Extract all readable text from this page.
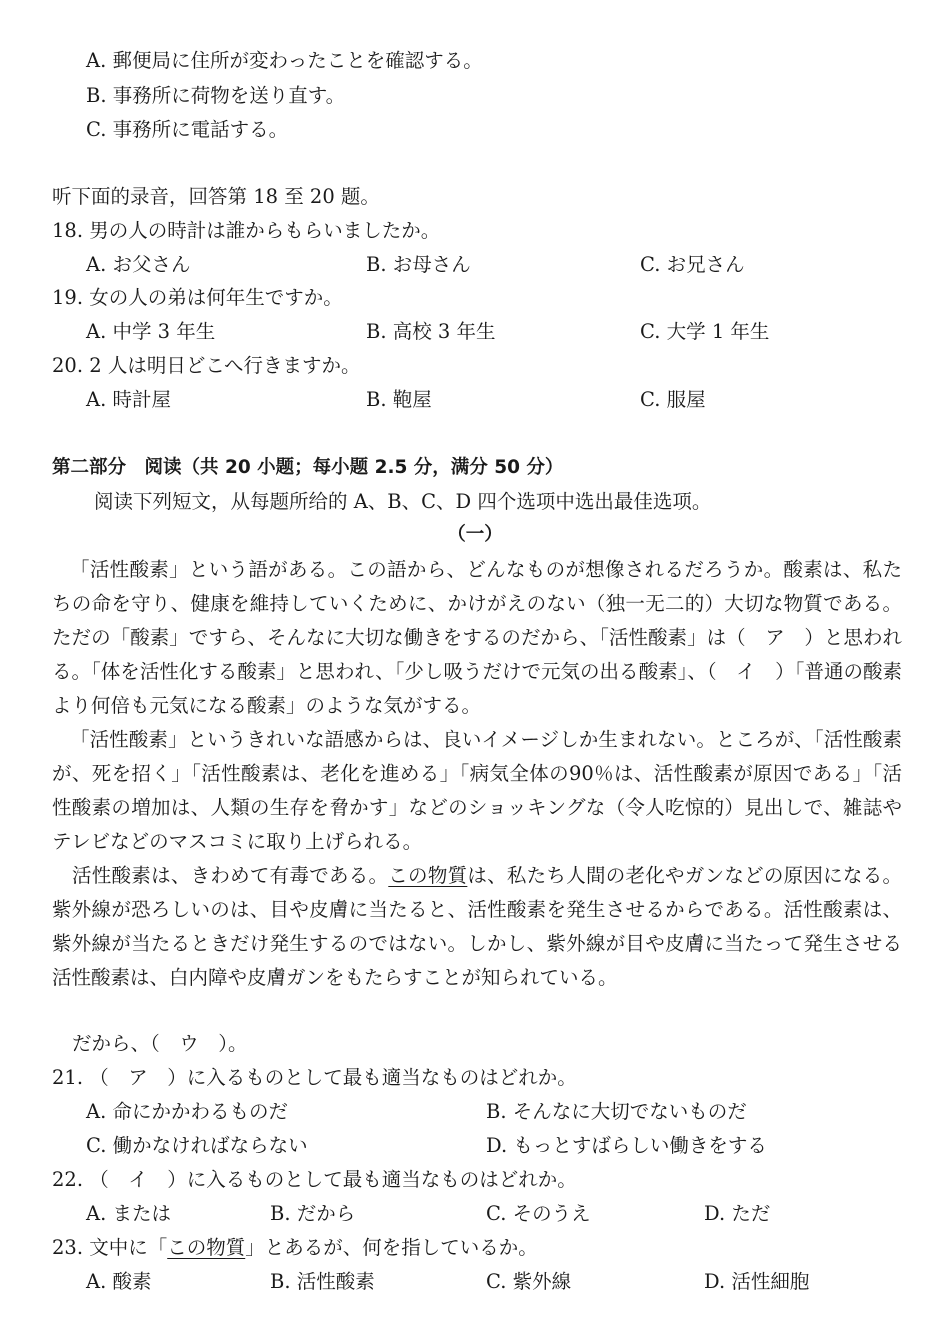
A. 郵便局に住所が変わったことを確認する。
B. 事務所に荷物を送り直す。
C. 事務所に電話する。
听下面的录音，回答第 18 至 20 题。
18. 男の人の時計は誰からもらいましたか。
A. お父さん	B. お母さん	C. お兄さん
19. 女の人の弟は何年生ですか。
A. 中学 3 年生	B. 高校 3 年生	C. 大学 1 年生
20. 2 人は明日どこへ行きますか。
A. 時計屋	B. 鞄屋	C. 服屋
第二部分　阅读（共 20 小题；每小题 2.5 分，满分 50 分）
阅读下列短文，从每题所给的 A、B、C、D 四个选项中选出最佳选项。
（一）
「活性酸素」という語がある。この語から、どんなものが想像されるだろうか。酸素は、私たちの命を守り、健康を維持していくために、かけがえのない（独一无二的）大切な物質である。ただの「酸素」ですら、そんなに大切な働きをするのだから、「活性酸素」は（　ア　）と思われる。「体を活性化する酸素」と思われ、「少し吸うだけで元気の出る酸素」、（　イ　）「普通の酸素より何倍も元気になる酸素」のような気がする。
「活性酸素」というきれいな語感からは、良いイメージしか生まれない。ところが、「活性酸素が、死を招く」「活性酸素は、老化を進める」「病気全体の90％は、活性酸素が原因である」「活性酸素の増加は、人類の生存を脅かす」などのショッキングな（令人吃惊的）見出しで、雑誌やテレビなどのマスコミに取り上げられる。
活性酸素は、きわめて有毒である。この物質は、私たち人間の老化やガンなどの原因になる。紫外線が恐ろしいのは、目や皮膚に当たると、活性酸素を発生させるからである。活性酸素は、紫外線が当たるときだけ発生するのではない。しかし、紫外線が目や皮膚に当たって発生させる活性酸素は、白内障や皮膚ガンをもたらすことが知られている。
だから、（　ウ　）。
21. （　ア　）に入るものとして最も適当なものはどれか。
A. 命にかかわるものだ	B. そんなに大切でないものだ
C. 働かなければならない	D. もっとすばらしい働きをする
22. （　イ　）に入るものとして最も適当なものはどれか。
A. または	B. だから	C. そのうえ	D. ただ
23. 文中に「この物質」とあるが、何を指しているか。
A. 酸素	B. 活性酸素	C. 紫外線	D. 活性細胞
